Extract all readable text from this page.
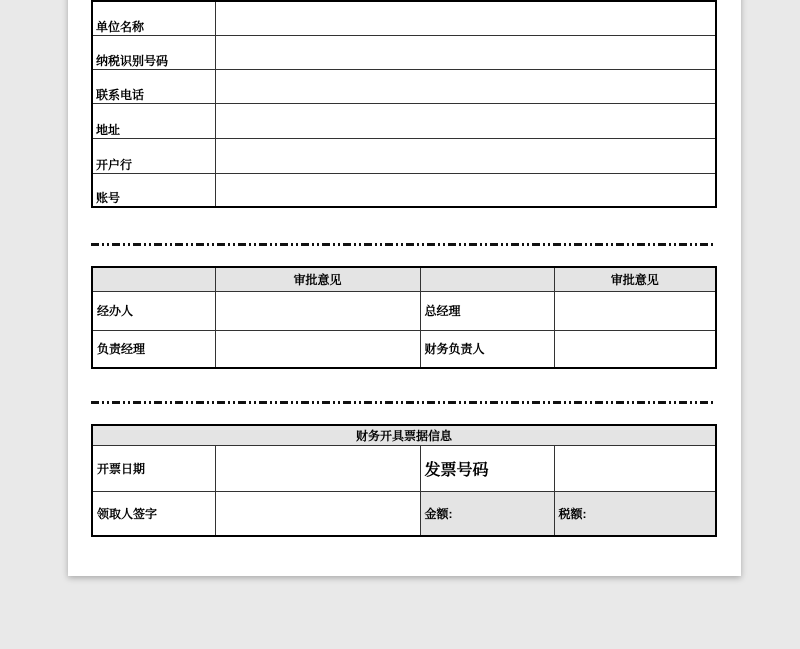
单位名称	
纳税识别号码	
联系电话	
地址	
开户行	
账号	
	审批意见		审批意见
经办人		总经理	
负责经理		财务负责人	
财务开具票据信息			
开票日期		发票号码	
领取人签字		金额:	税额:
